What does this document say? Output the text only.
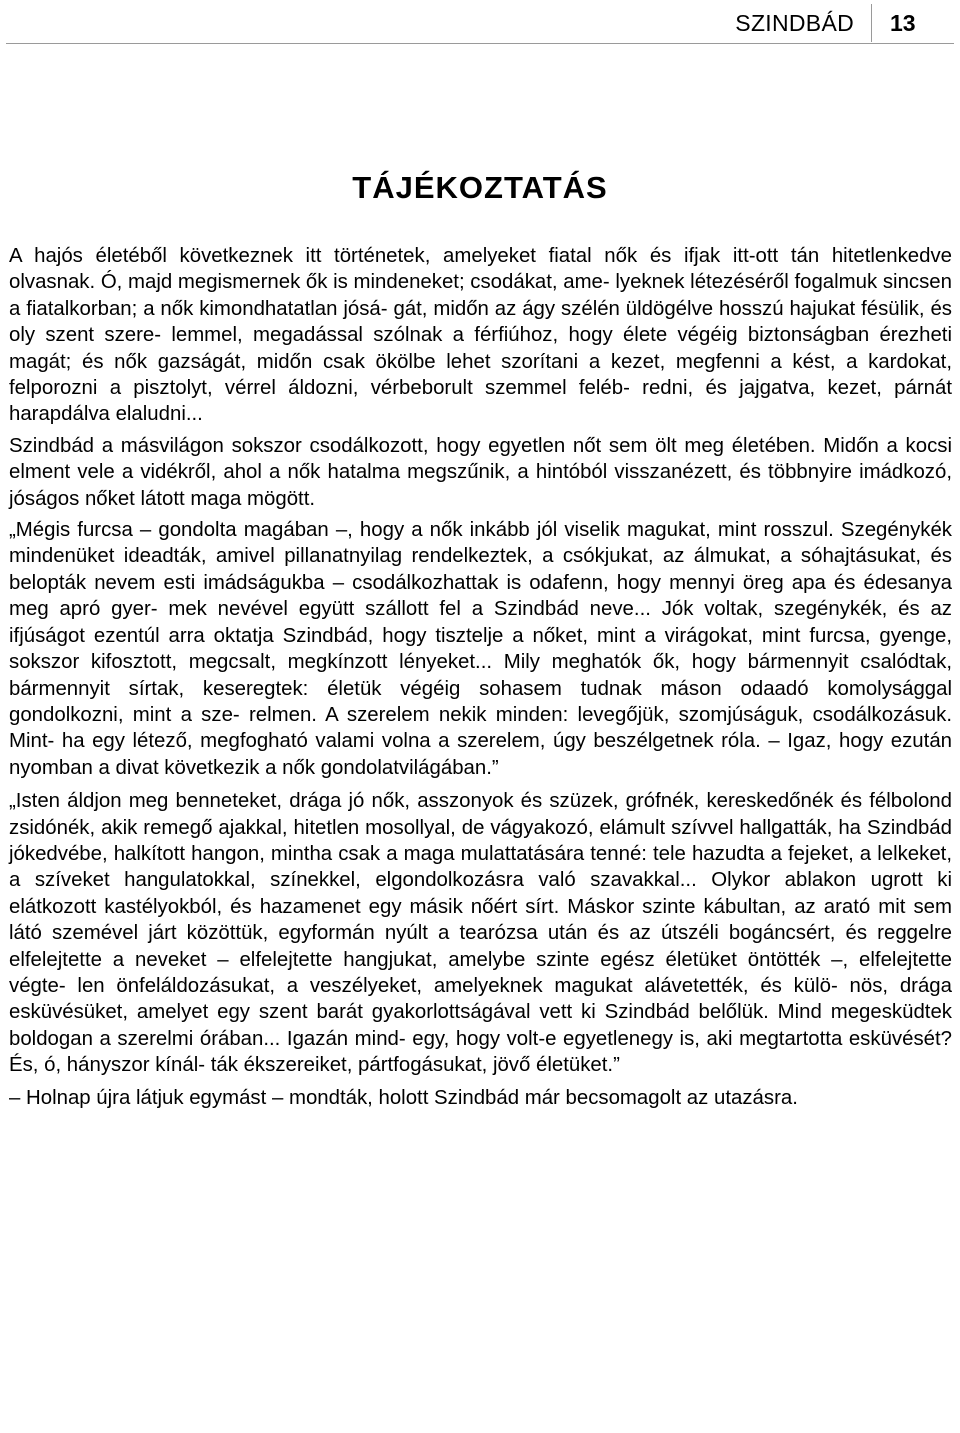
SZINDBÁD 13
TÁJÉKOZTATÁS

A hajós életéből következnek itt történetek, amelyeket fiatal nők és ifjak itt-ott tán hitetlenkedve olvasnak. Ó, majd megismernek ők is mindeneket; csodákat, ame- lyeknek létezéséről fogalmuk sincsen a fiatalkorban; a nők kimondhatatlan jósá- gát, midőn az ágy szélén üldögélve hosszú hajukat fésülik, és oly szent szere- lemmel, megadással szólnak a férfiúhoz, hogy élete végéig biztonságban érezheti magát; és nők gazságát, midőn csak ökölbe lehet szorítani a kezet, megfenni a kést, a kardokat, felporozni a pisztolyt, vérrel áldozni, vérbeborult szemmel feléb- redni, és jajgatva, kezet, párnát harapdálva elaludni...

Szindbád a másvilágon sokszor csodálkozott, hogy egyetlen nőt sem ölt meg életében. Midőn a kocsi elment vele a vidékről, ahol a nők hatalma megszűnik, a hintóból visszanézett, és többnyire imádkozó, jóságos nőket látott maga mögött.

„Mégis furcsa – gondolta magában –, hogy a nők inkább jól viselik magukat, mint rosszul. Szegénykék mindenüket ideadták, amivel pillanatnyilag rendelkeztek, a csókjukat, az álmukat, a sóhajtásukat, és belopták nevem esti imádságukba – csodálkozhattak is odafenn, hogy mennyi öreg apa és édesanya meg apró gyer- mek nevével együtt szállott fel a Szindbád neve... Jók voltak, szegénykék, és az ifjúságot ezentúl arra oktatja Szindbád, hogy tisztelje a nőket, mint a virágokat, mint furcsa, gyenge, sokszor kifosztott, megcsalt, megkínzott lényeket... Mily meghatók ők, hogy bármennyit csalódtak, bármennyit sírtak, keseregtek: életük végéig sohasem tudnak máson odaadó komolysággal gondolkozni, mint a sze- relmen. A szerelem nekik minden: levegőjük, szomjúságuk, csodálkozásuk. Mint- ha egy létező, megfogható valami volna a szerelem, úgy beszélgetnek róla. – Igaz, hogy ezután nyomban a divat következik a nők gondolatvilágában.”

„Isten áldjon meg benneteket, drága jó nők, asszonyok és szüzek, grófnék, kereskedőnék és félbolond zsidónék, akik remegő ajakkal, hitetlen mosollyal, de vágyakozó, elámult szívvel hallgatták, ha Szindbád jókedvébe, halkított hangon, mintha csak a maga mulattatására tenné: tele hazudta a fejeket, a lelkeket, a szíveket hangulatokkal, színekkel, elgondolkozásra való szavakkal... Olykor ablakon ugrott ki elátkozott kastélyokból, és hazamenet egy másik nőért sírt. Máskor szinte kábultan, az arató mit sem látó szemével járt közöttük, egyformán nyúlt a tearózsa után és az útszéli bogáncsért, és reggelre elfelejtette a neveket – elfelejtette hangjukat, amelybe szinte egész életüket öntötték –, elfelejtette végte- len önfeláldozásukat, a veszélyeket, amelyeknek magukat alávetették, és külö- nös, drága esküvésüket, amelyet egy szent barát gyakorlottságával vett ki Szindbád belőlük. Mind megesküdtek boldogan a szerelmi órában... Igazán mind- egy, hogy volt-e egyetlenegy is, aki megtartotta esküvését? És, ó, hányszor kínál- ták ékszereiket, pártfogásukat, jövő életüket.”

– Holnap újra látjuk egymást – mondták, holott Szindbád már becsomagolt az utazásra.
